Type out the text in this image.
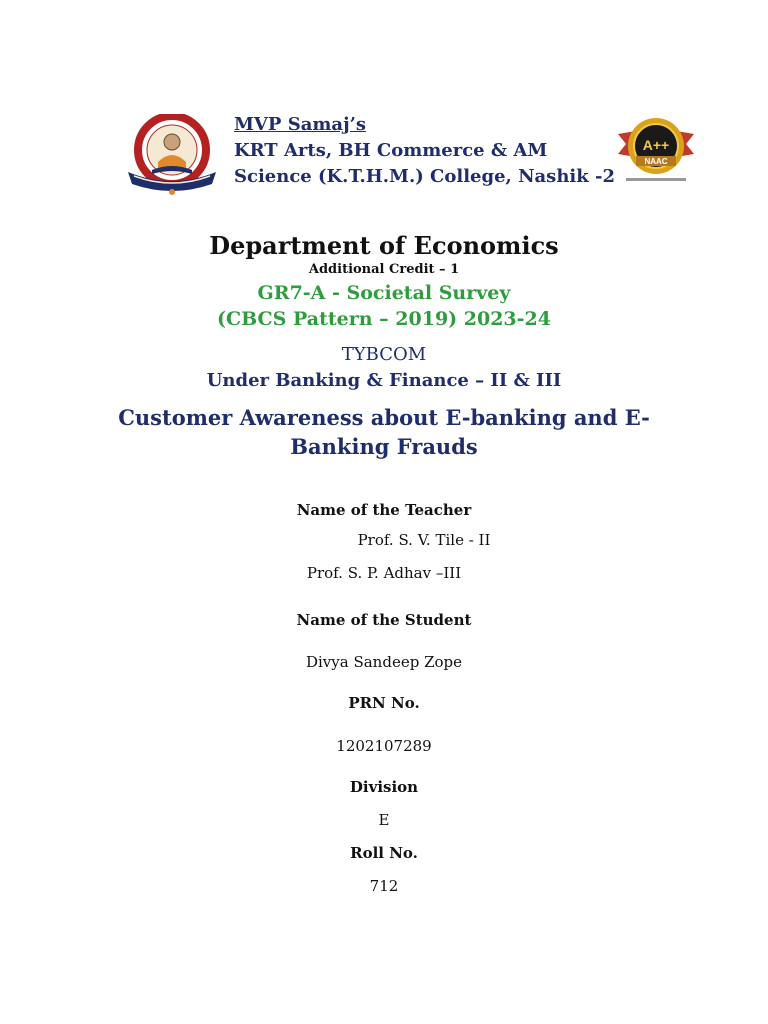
MVP Samaj’s
KRT Arts, BH Commerce & AM
Science (K.T.H.M.) College, Nashik -2
A++
NAAC
Department of Economics
Additional Credit – 1
GR7-A - Societal Survey
(CBCS Pattern – 2019) 2023-24
TYBCOM
Under Banking & Finance – II & III
Customer Awareness about E-banking and E-
Banking Frauds
Name of the Teacher
Prof. S. V. Tile - II
Prof. S. P. Adhav –III
Name of the Student
Divya Sandeep Zope
PRN No.
1202107289
Division
E
Roll No.
712
